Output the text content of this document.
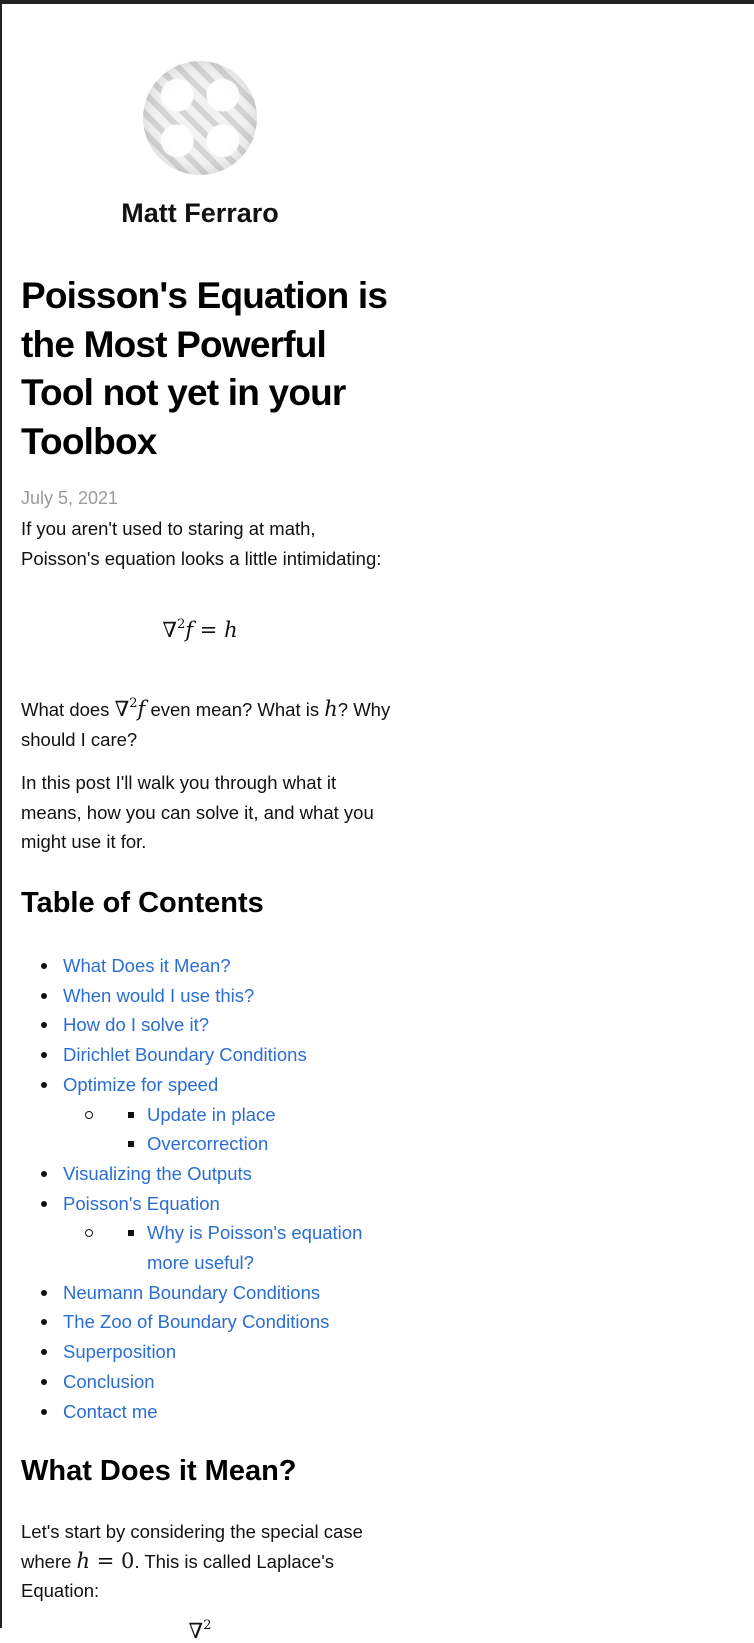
Matt Ferraro
Poisson's Equation is the Most Powerful Tool not yet in your Toolbox
July 5, 2021

If you aren't used to staring at math, Poisson's equation looks a little intimidating:

∇$^2$f = h

What does ∇$^2$f even mean? What is h? Why should I care?

In this post I'll walk you through what it means, how you can solve it, and what you might use it for.

Table of Contents
What Does it Mean?
When would I use this?
How do I solve it?
Dirichlet Boundary Conditions
Optimize for speed
Update in place
Overcorrection
Visualizing the Outputs
Poisson's Equation
Why is Poisson's equation more useful?
Neumann Boundary Conditions
The Zoo of Boundary Conditions
Superposition
Conclusion
Contact me
What Does it Mean?

Let's start by considering the special case where h = 0. This is called Laplace's Equation:

∇$^2$
